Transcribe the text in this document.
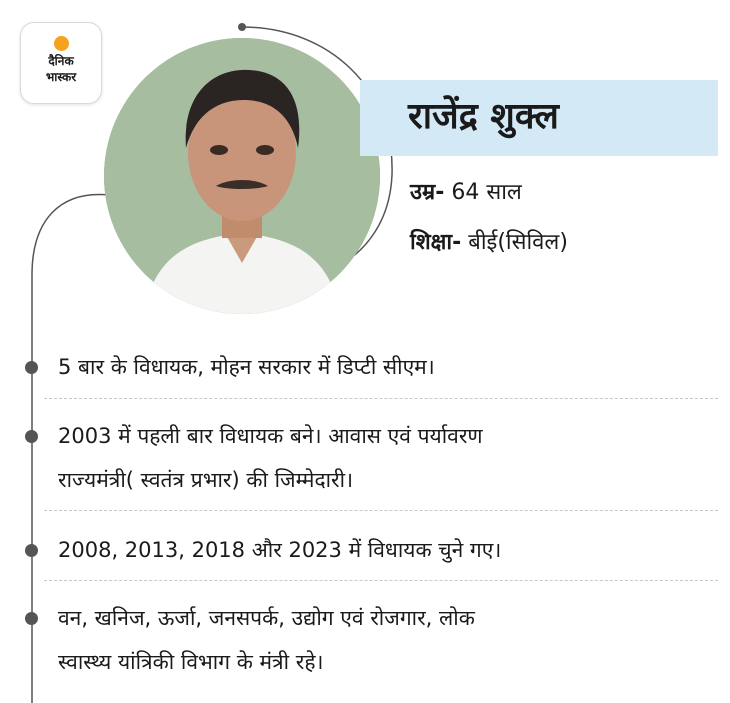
दैनिक
भास्कर
राजेंद्र शुक्ल
उम्र- 64 साल
शिक्षा- बीई(सिविल)
5 बार के विधायक, मोहन सरकार में डिप्टी सीएम।
2003 में पहली बार विधायक बने। आवास एवं पर्यावरण
राज्यमंत्री( स्वतंत्र प्रभार) की जिम्मेदारी।
2008, 2013, 2018 और 2023 में विधायक चुने गए।
वन, खनिज, ऊर्जा, जनसपर्क, उद्योग एवं रोजगार, लोक
स्वास्थ्य यांत्रिकी विभाग के मंत्री रहे।
